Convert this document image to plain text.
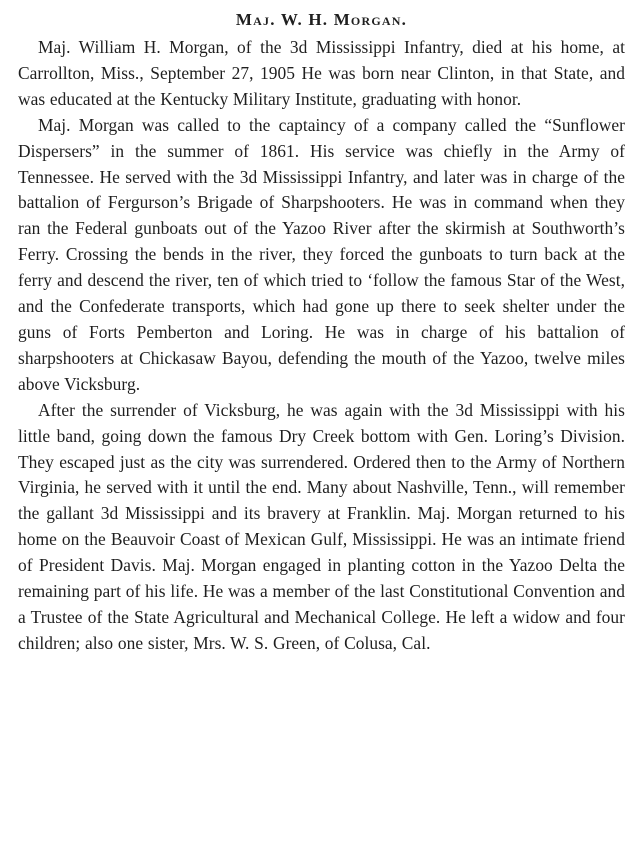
Maj. W. H. Morgan.

Maj. William H. Morgan, of the 3d Mississippi Infantry, died at his home, at Carrollton, Miss., September 27, 1905 He was born near Clinton, in that State, and was educated at the Kentucky Military Institute, graduating with honor.

Maj. Morgan was called to the captaincy of a company called the “Sunflower Dispersers” in the summer of 1861. His service was chiefly in the Army of Tennessee. He served with the 3d Mississippi Infantry, and later was in charge of the battalion of Fergurson’s Brigade of Sharpshooters. He was in command when they ran the Federal gunboats out of the Yazoo River after the skirmish at Southworth’s Ferry. Crossing the bends in the river, they forced the gunboats to turn back at the ferry and descend the river, ten of which tried to ‘follow the famous Star of the West, and the Confederate transports, which had gone up there to seek shelter under the guns of Forts Pemberton and Loring. He was in charge of his battalion of sharpshooters at Chickasaw Bayou, defending the mouth of the Yazoo, twelve miles above Vicksburg.

After the surrender of Vicksburg, he was again with the 3d Mississippi with his little band, going down the famous Dry Creek bottom with Gen. Loring’s Division. They escaped just as the city was surrendered. Ordered then to the Army of Northern Virginia, he served with it until the end. Many about Nashville, Tenn., will remember the gallant 3d Mississippi and its bravery at Franklin. Maj. Morgan returned to his home on the Beauvoir Coast of Mexican Gulf, Mississippi. He was an intimate friend of President Davis. Maj. Morgan engaged in planting cotton in the Yazoo Delta the remaining part of his life. He was a member of the last Constitutional Convention and a Trustee of the State Agricultural and Mechanical College. He left a widow and four children; also one sister, Mrs. W. S. Green, of Colusa, Cal.
